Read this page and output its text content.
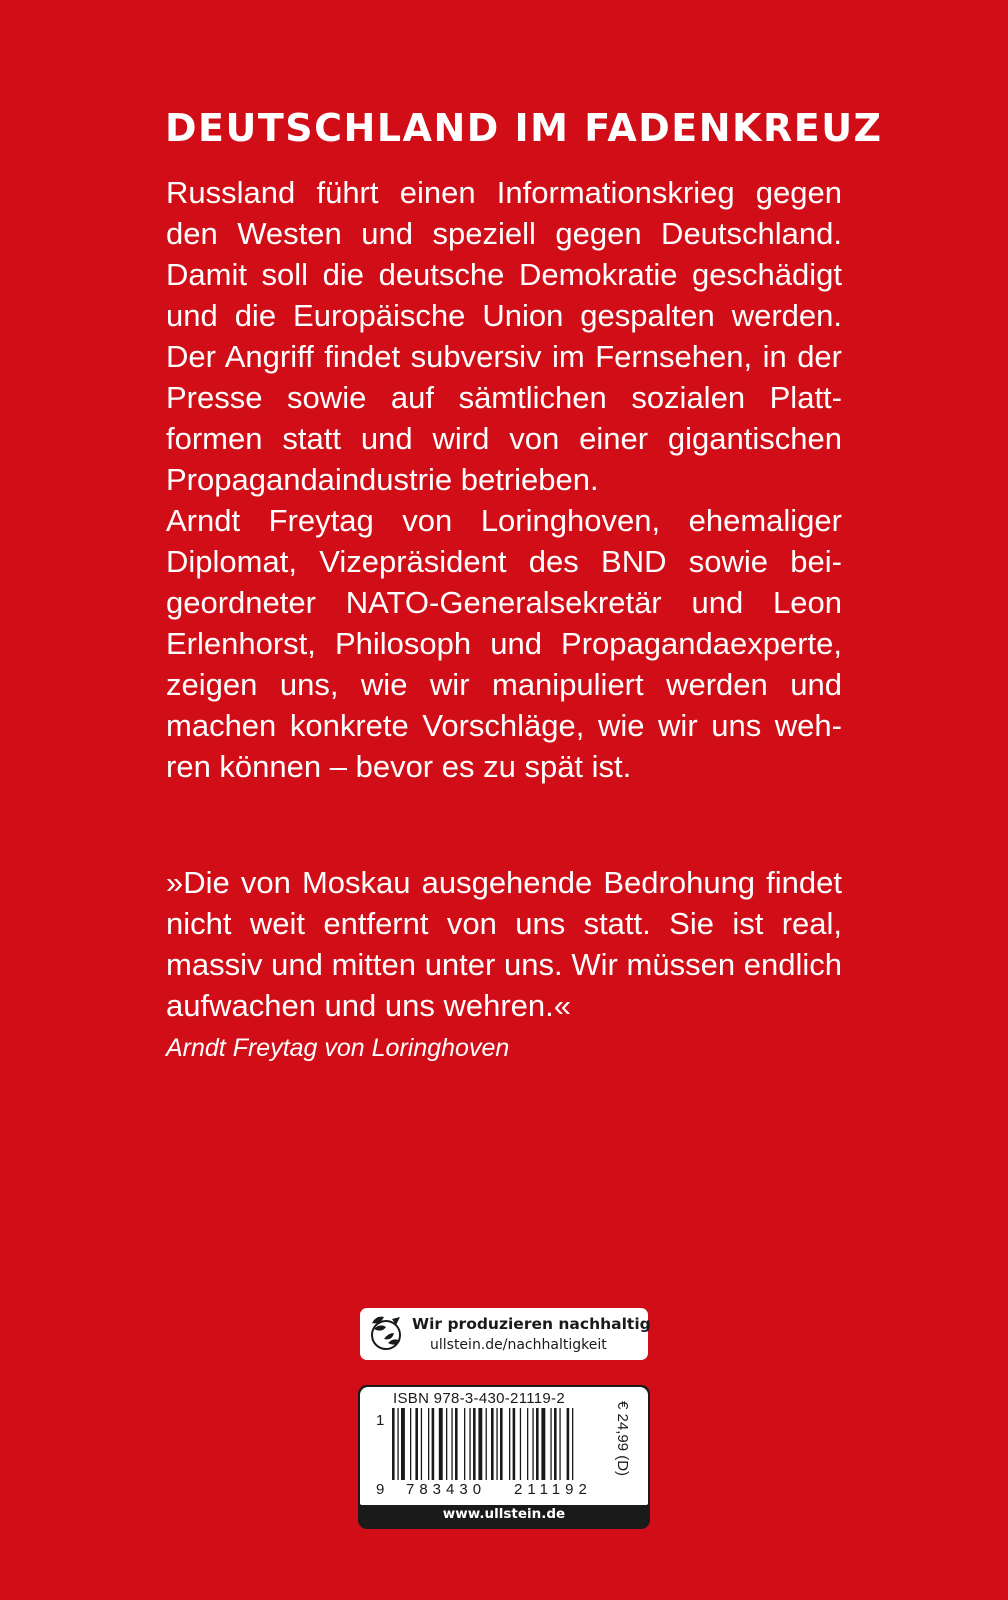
DEUTSCHLAND IM FADENKREUZ

Russland führt einen Informationskrieg gegen den Westen und speziell gegen Deutschland. Damit soll die deutsche Demokratie geschädigt und die Europäische Union gespalten werden. Der Angriff findet subversiv im Fernsehen, in der Presse sowie auf sämtlichen sozialen Plattformen statt und wird von einer gigantischen Propagandaindustrie betrieben.

Arndt Freytag von Loringhoven, ehemaliger Diplomat, Vizepräsident des BND sowie beigeordneter NATO-Generalsekretär und Leon Erlenhorst, Philosoph und Propagandaexperte, zeigen uns, wie wir manipuliert werden und machen konkrete Vorschläge, wie wir uns wehren können – bevor es zu spät ist.

»Die von Moskau ausgehende Bedrohung findet nicht weit entfernt von uns statt. Sie ist real, massiv und mitten unter uns. Wir müssen endlich aufwachen und uns wehren.«

Arndt Freytag von Loringhoven
Wir produzieren nachhaltig
ullstein.de/nachhaltigkeit
ISBN 978-3-430-21119-2
1
9 783430 211192
€ 24,99 (D)
www.ullstein.de
